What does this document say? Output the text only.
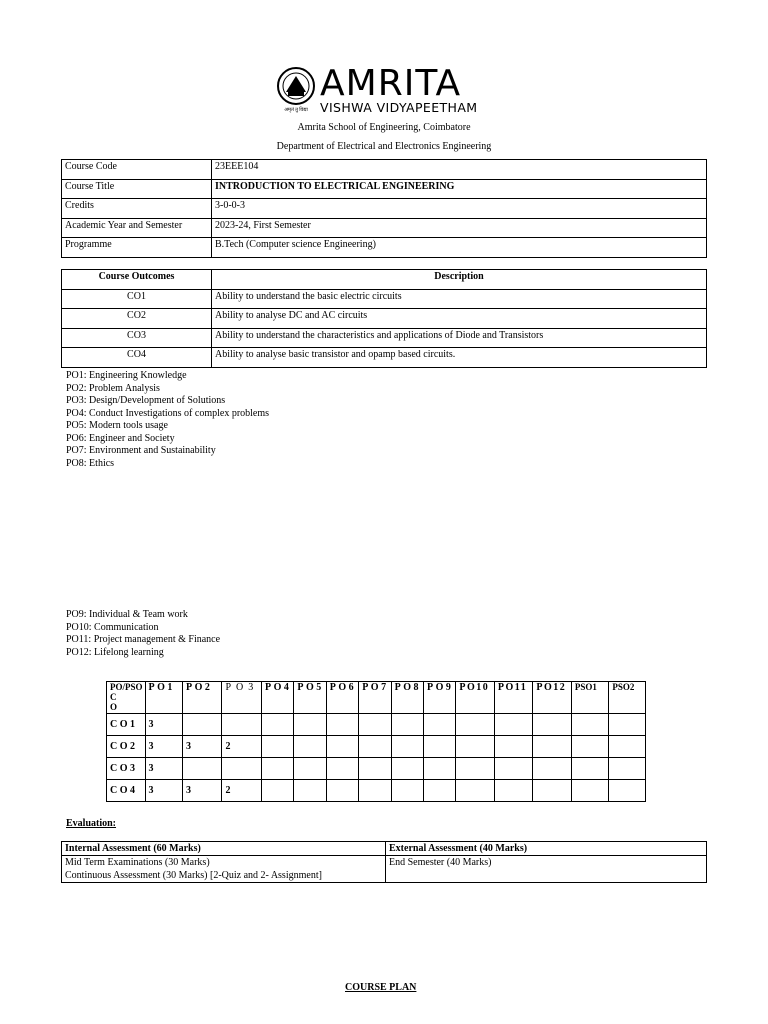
अमृतं तु विद्या
AMRITA
VISHWA VIDYAPEETHAM
Amrita School of Engineering, Coimbatore
Department of Electrical and Electronics Engineering
Course Code	23EEE104
Course Title	INTRODUCTION TO ELECTRICAL ENGINEERING
Credits	3-0-0-3
Academic Year and Semester	2023-24, First Semester
Programme	B.Tech (Computer science Engineering)
Course Outcomes	Description
CO1	Ability to understand the basic electric circuits
CO2	Ability to analyse DC and AC circuits
CO3	Ability to understand the characteristics and applications of Diode and Transistors
CO4	Ability to analyse basic transistor and opamp based circuits.
PO1: Engineering Knowledge
PO2: Problem Analysis
PO3: Design/Development of Solutions
PO4: Conduct Investigations of complex problems
PO5: Modern tools usage
PO6: Engineer and Society
PO7: Environment and Sustainability
PO8: Ethics
PO9: Individual & Team work
PO10: Communication
PO11: Project management & Finance
PO12: Lifelong learning
PO/PSO
C O	PO1	PO2	PO3	PO4	PO5	PO6	PO7	PO8	PO9	PO10	PO11	PO12	PSO1	PSO2
CO1	3													
CO2	3	3	2											
CO3	3													
CO4	3	3	2											
Evaluation:
Internal Assessment (60 Marks)	External Assessment (40 Marks)

Mid Term Examinations (30 Marks)
Continuous Assessment (30 Marks) [2-Quiz and 2- Assignment]	End Semester (40 Marks)
COURSE PLAN
